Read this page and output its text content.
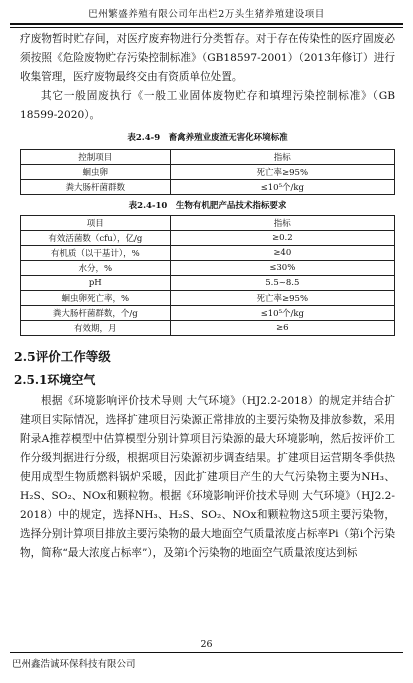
巴州繁盛养殖有限公司年出栏2万头生猪养殖建设项目

疗废物暂时贮存间，对医疗废弃物进行分类暂存。对于存在传染性的医疗固废必须按照《危险废物贮存污染控制标准》（GB18597-2001）（2013年修订）进行收集管理，医疗废物最终交由有资质单位处置。

其它一般固废执行《一般工业固体废物贮存和填埋污染控制标准》（GB 18599-2020）。

表2.4-9　畜禽养殖业废渣无害化环境标准
控制项目	指标
蛔虫卵	死亡率≥95%
粪大肠杆菌群数	≤10⁵个/kg
表2.4-10　生物有机肥产品技术指标要求
项目	指标
有效活菌数（cfu），亿/g	≥0.2
有机质（以干基计），%	≥40
水分，%	≤30%
pH	5.5~8.5
蛔虫卵死亡率，%	死亡率≥95%
粪大肠杆菌群数，个/g	≤10⁵个/kg
有效期，月	≥6
2.5评价工作等级
2.5.1环境空气

根据《环境影响评价技术导则 大气环境》（HJ2.2-2018）的规定并结合扩建项目实际情况，选择扩建项目污染源正常排放的主要污染物及排放参数，采用附录A推荐模型中估算模型分别计算项目污染源的最大环境影响，然后按评价工作分级判据进行分级，根据项目污染源初步调查结果。扩建项目运营期冬季供热使用成型生物质燃料锅炉采暖，因此扩建项目产生的大气污染物主要为NH₃、H₂S、SO₂、NOx和颗粒物。根据《环境影响评价技术导则 大气环境》（HJ2.2-2018）中的规定，选择NH₃、H₂S、SO₂、NOx和颗粒物这5项主要污染物，选择分别计算项目排放主要污染物的最大地面空气质量浓度占标率Pi（第i个污染物，简称“最大浓度占标率”），及第i个污染物的地面空气质量浓度达到标

26
巴州鑫浩诚环保科技有限公司
